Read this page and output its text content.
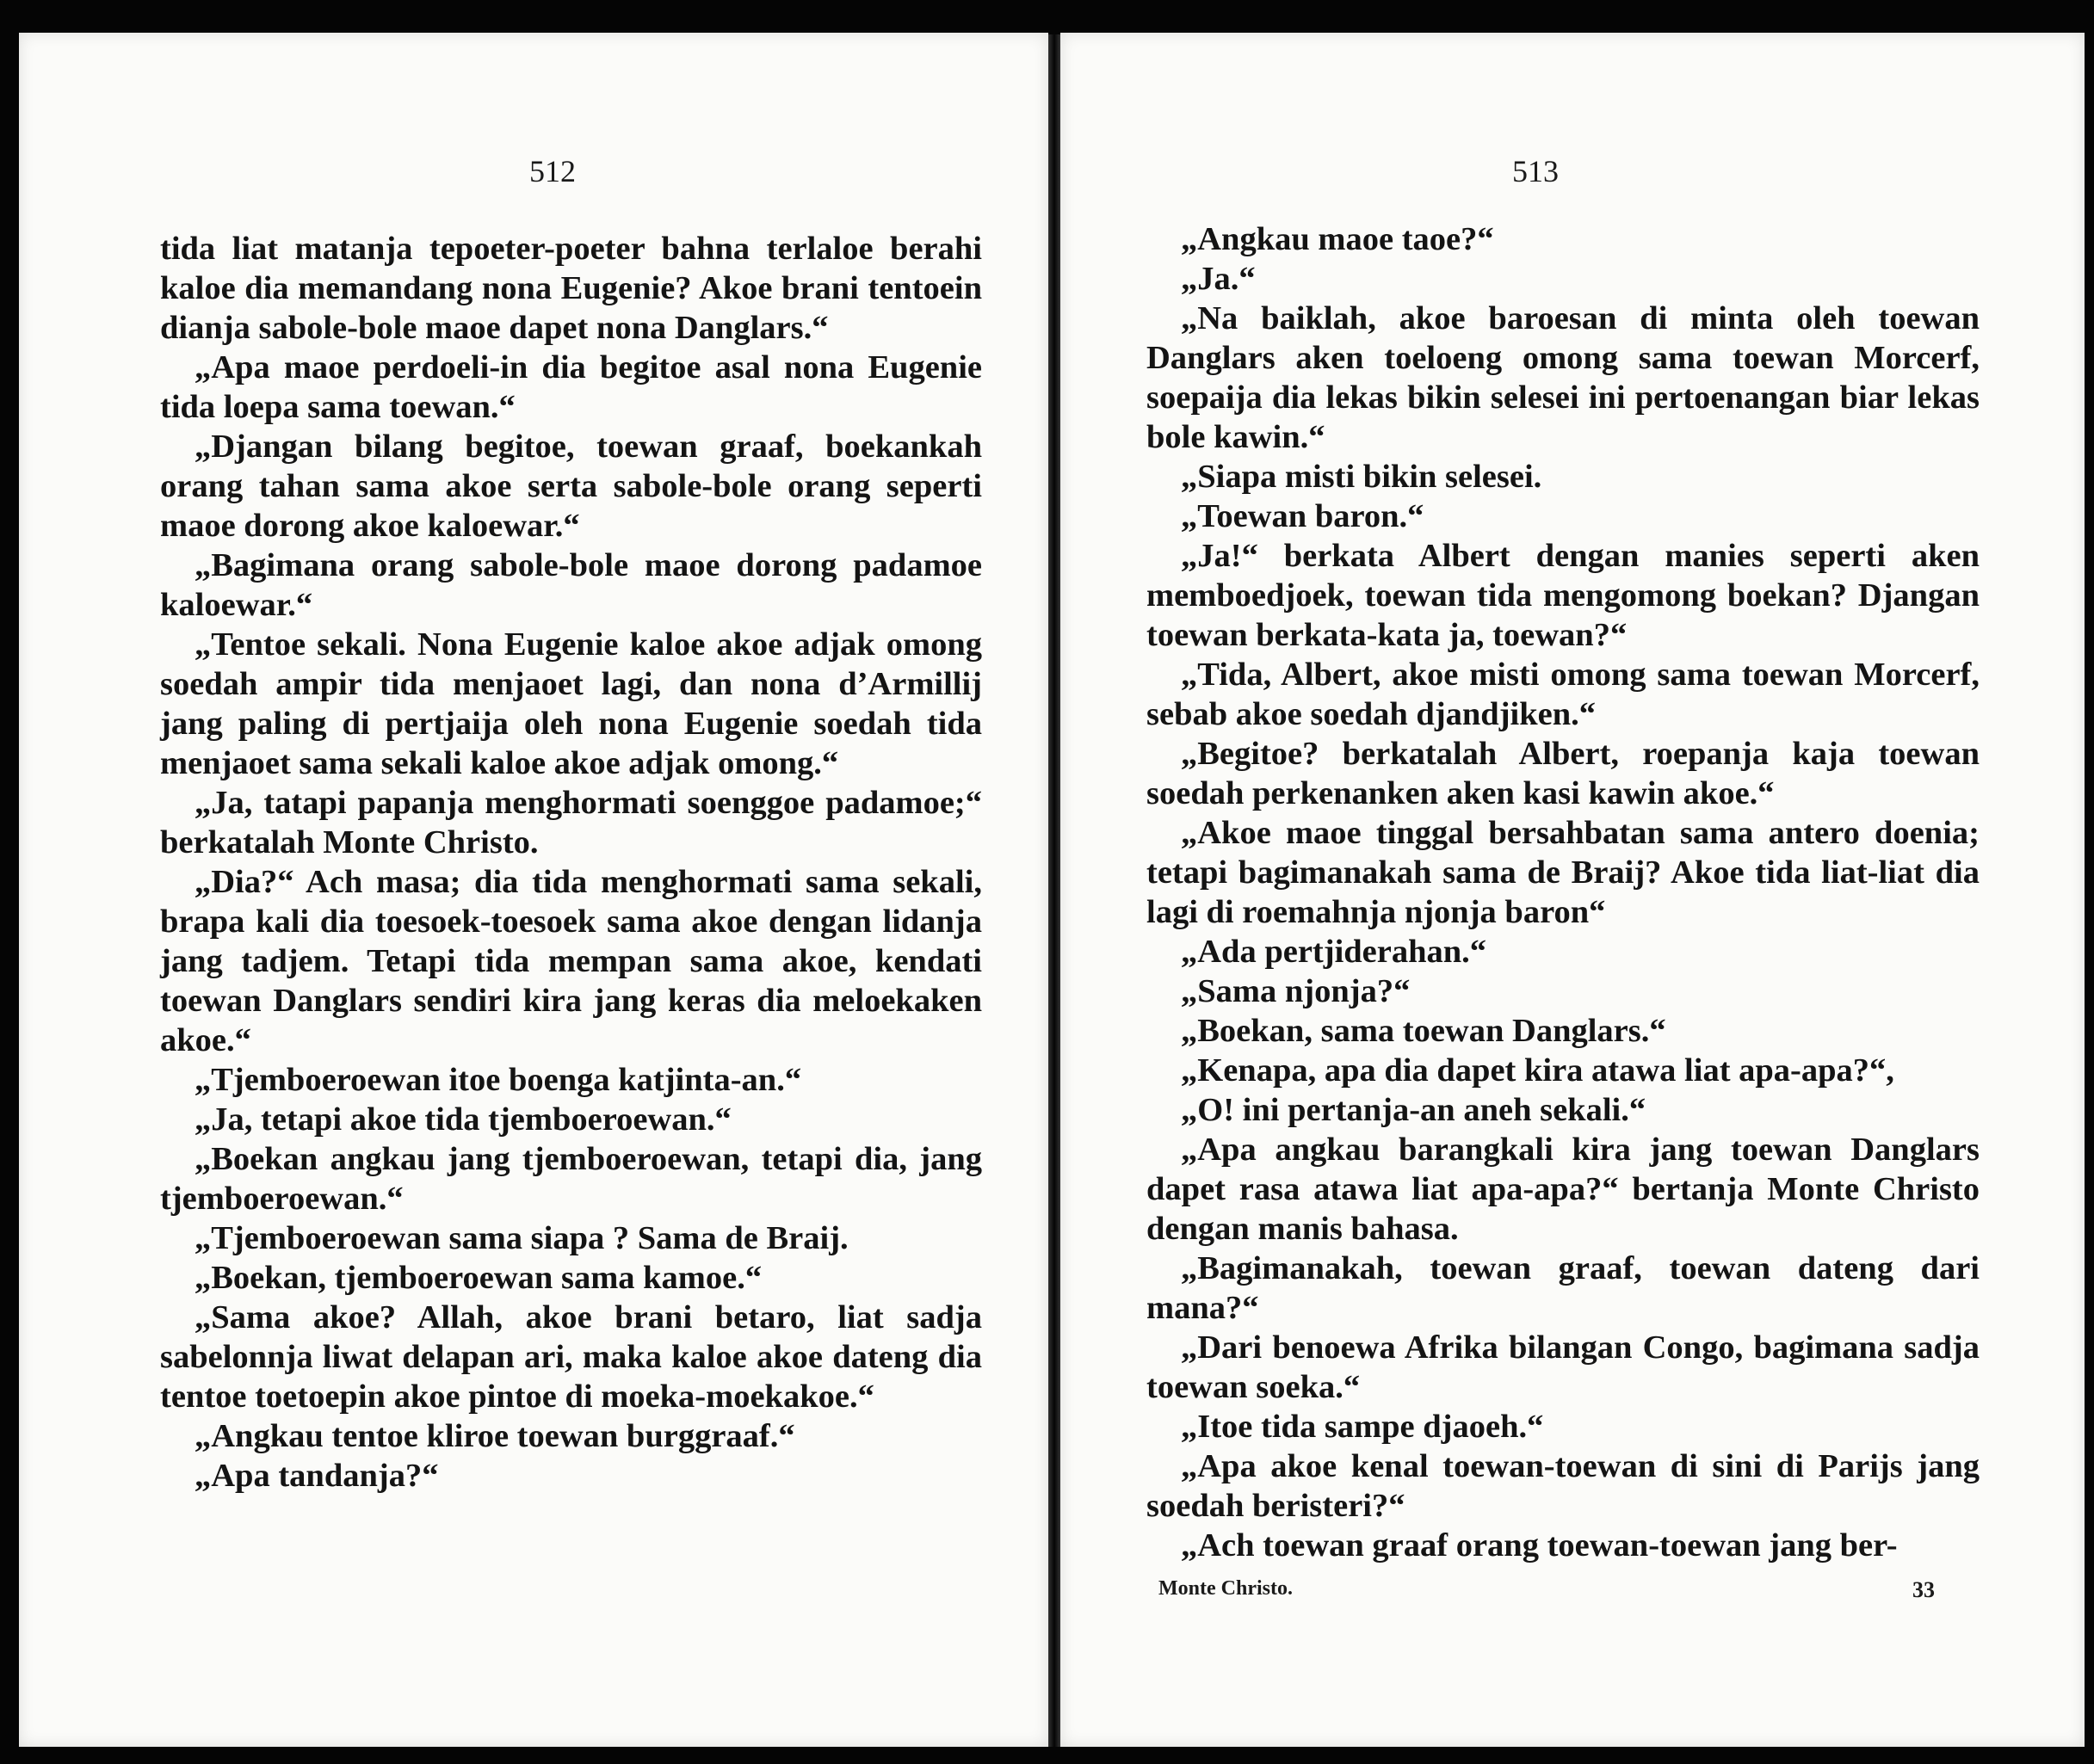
512

tida liat matanja tepoeter-poeter bahna terlaloe berahi kaloe dia memandang nona Eugenie? Akoe brani tentoein dianja sabole-bole maoe dapet nona Danglars.“

„Apa maoe perdoeli-in dia begitoe asal nona Eugenie tida loepa sama toewan.“

„Djangan bilang begitoe, toewan graaf, boekankah orang tahan sama akoe serta sabole-bole orang seperti maoe dorong akoe kaloewar.“

„Bagimana orang sabole-bole maoe dorong padamoe kaloewar.“

„Tentoe sekali. Nona Eugenie kaloe akoe adjak omong soedah ampir tida menjaoet lagi, dan nona d’Armillij jang paling di pertjaija oleh nona Eugenie soedah tida menjaoet sama sekali kaloe akoe adjak omong.“

„Ja, tatapi papanja menghormati soenggoe padamoe;“ berkatalah Monte Christo.

„Dia?“ Ach masa; dia tida menghormati sama sekali, brapa kali dia toesoek-toesoek sama akoe dengan lidanja jang tadjem. Tetapi tida mempan sama akoe, kendati toewan Danglars sendiri kira jang keras dia meloekaken akoe.“

„Tjemboeroewan itoe boenga katjinta-an.“

„Ja, tetapi akoe tida tjemboeroewan.“

„Boekan angkau jang tjemboeroewan, tetapi dia, jang tjemboeroewan.“

„Tjemboeroewan sama siapa ? Sama de Braij.

„Boekan, tjemboeroewan sama kamoe.“

„Sama akoe? Allah, akoe brani betaro, liat sadja sabelonnja liwat delapan ari, maka kaloe akoe dateng dia tentoe toetoepin akoe pintoe di moeka-moekakoe.“

„Angkau tentoe kliroe toewan burggraaf.“

„Apa tandanja?“

513

„Angkau maoe taoe?“

„Ja.“

„Na baiklah, akoe baroesan di minta oleh toewan Danglars aken toeloeng omong sama toewan Morcerf, soepaija dia lekas bikin selesei ini pertoenangan biar lekas bole kawin.“

„Siapa misti bikin selesei.

„Toewan baron.“

„Ja!“ berkata Albert dengan manies seperti aken memboedjoek, toewan tida mengomong boekan? Djangan toewan berkata-kata ja, toewan?“

„Tida, Albert, akoe misti omong sama toewan Morcerf, sebab akoe soedah djandjiken.“

„Begitoe? berkatalah Albert, roepanja kaja toewan soedah perkenanken aken kasi kawin akoe.“

„Akoe maoe tinggal bersahbatan sama antero doenia; tetapi bagimanakah sama de Braij? Akoe tida liat-liat dia lagi di roemahnja njonja baron“

„Ada pertjiderahan.“

„Sama njonja?“

„Boekan, sama toewan Danglars.“

„Kenapa, apa dia dapet kira atawa liat apa-apa?“,

„O! ini pertanja-an aneh sekali.“

„Apa angkau barangkali kira jang toewan Danglars dapet rasa atawa liat apa-apa?“ bertanja Monte Christo dengan manis bahasa.

„Bagimanakah, toewan graaf, toewan dateng dari mana?“

„Dari benoewa Afrika bilangan Congo, bagimana sadja toewan soeka.“

„Itoe tida sampe djaoeh.“

„Apa akoe kenal toewan-toewan di sini di Parijs jang soedah beristeri?“

„Ach toewan graaf orang toewan-toewan jang ber-

Monte Christo.	33
